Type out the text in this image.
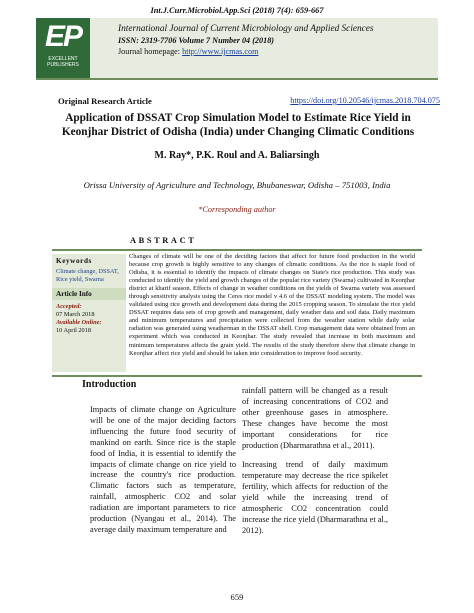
Int.J.Curr.Microbiol.App.Sci (2018) 7(4): 659-667
EP
EXCELLENT
PUBLISHERS
International Journal of Current Microbiology and Applied Sciences
ISSN: 2319-7706 Volume 7 Number 04 (2018)
Journal homepage: http://www.ijcmas.com
Original Research Article	https://doi.org/10.20546/ijcmas.2018.704.075
Application of DSSAT Crop Simulation Model to Estimate Rice Yield in Keonjhar District of Odisha (India) under Changing Climatic Conditions
M. Ray*, P.K. Roul and A. Baliarsingh
Orissa University of Agriculture and Technology, Bhubaneswar, Odisha – 751003, India
*Corresponding author
ABSTRACT
Keywords
Climate change, DSSAT, Rice yield, Swarna
Article Info
Accepted:
07 March 2018
Available Online:
10 April 2018
Changes of climate will be one of the deciding factors that affect for future food production in the world because crop growth is highly sensitive to any changes of climatic conditions. As the rice is staple food of Odisha, it is essential to identify the impacts of climate changes on State's rice production. This study was conducted to identify the yield and growth changes of the popular rice variety (Swarna) cultivated in Keonjhar district at kharif season. Effects of change in weather conditions on the yields of Swarna variety was assessed through sensitivity analysis using the Ceres rice model v 4.6 of the DSSAT modeling system. The model was validated using rice growth and development data during the 2015 cropping season. To simulate the rice yield DSSAT requires data sets of crop growth and management, daily weather data and soil data. Daily maximum and minimum temperatures and precipitation were collected from the weather station while daily solar radiation was generated using weatherman in the DSSAT shell. Crop management data were obtained from an experiment which was conducted in Keonjhar. The study revealed that increase in both maximum and minimum temperatures affects the grain yield. The results of the study therefore show that climate change in Keonjhar affect rice yield and should be taken into consideration to improve food security.
Introduction

Impacts of climate change on Agriculture will be one of the major deciding factors influencing the future food security of mankind on earth. Since rice is the staple food of India, it is essential to identify the impacts of climate change on rice yield to increase the country's rice production. Climatic factors such as temperature, rainfall, atmospheric CO2 and solar radiation are important parameters to rice production (Nyangau et al., 2014). The average daily maximum temperature and

rainfall pattern will be changed as a result of increasing concentrations of CO2 and other greenhouse gases in atmosphere. These changes have become the most important considerations for rice production (Dharmarathna et al., 2011).

Increasing trend of daily maximum temperature may decrease the rice spikelet fertility, which affects for reduction of the yield while the increasing trend of atmospheric CO2 concentration could increase the rice yield (Dharmarathna et al., 2012).

659
